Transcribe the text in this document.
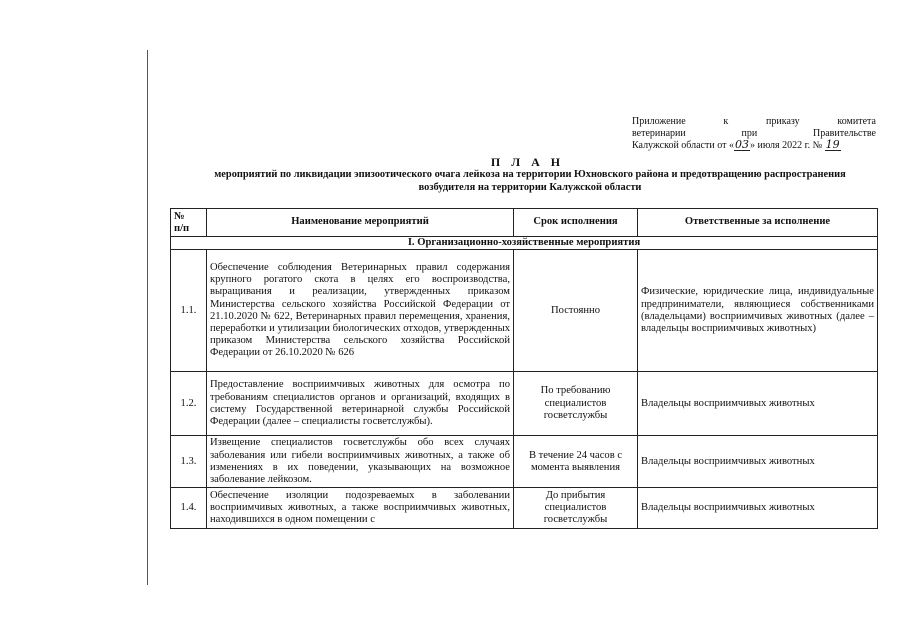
Приложение	к	приказу	комитета
ветеринарии	при	Правительстве
Калужской области от «03» июля 2022 г. № 19
П Л А Н
мероприятий по ликвидации эпизоотического очага лейкоза на территории Юхновского района и предотвращению распространения возбудителя на территории Калужской области
№
п/п	Наименование мероприятий	Срок исполнения	Ответственные за исполнение
I. Организационно-хозяйственные мероприятия			
1.1.	Обеспечение соблюдения Ветеринарных правил содержания крупного рогатого скота в целях его воспроизводства, выращивания и реализации, утвержденных приказом Министерства сельского хозяйства Российской Федерации от 21.10.2020 № 622, Ветеринарных правил перемещения, хранения, переработки и утилизации биологических отходов, утвержденных приказом Министерства сельского хозяйства Российской Федерации от 26.10.2020 № 626	Постоянно	Физические, юридические лица, индивидуальные предприниматели, являющиеся собственниками (владельцами) восприимчивых животных (далее – владельцы восприимчивых животных)
1.2.	Предоставление восприимчивых животных для осмотра по требованиям специалистов органов и организаций, входящих в систему Государственной ветеринарной службы Российской Федерации (далее – специалисты госветслужбы).	По требованию специалистов госветслужбы	Владельцы восприимчивых животных
1.3.	Извещение специалистов госветслужбы обо всех случаях заболевания или гибели восприимчивых животных, а также об изменениях в их поведении, указывающих на возможное заболевание лейкозом.	В течение 24 часов с момента выявления	Владельцы восприимчивых животных
1.4.	Обеспечение изоляции подозреваемых в заболевании восприимчивых животных, а также восприимчивых животных, находившихся в одном помещении с	До прибытия специалистов госветслужбы	Владельцы восприимчивых животных
